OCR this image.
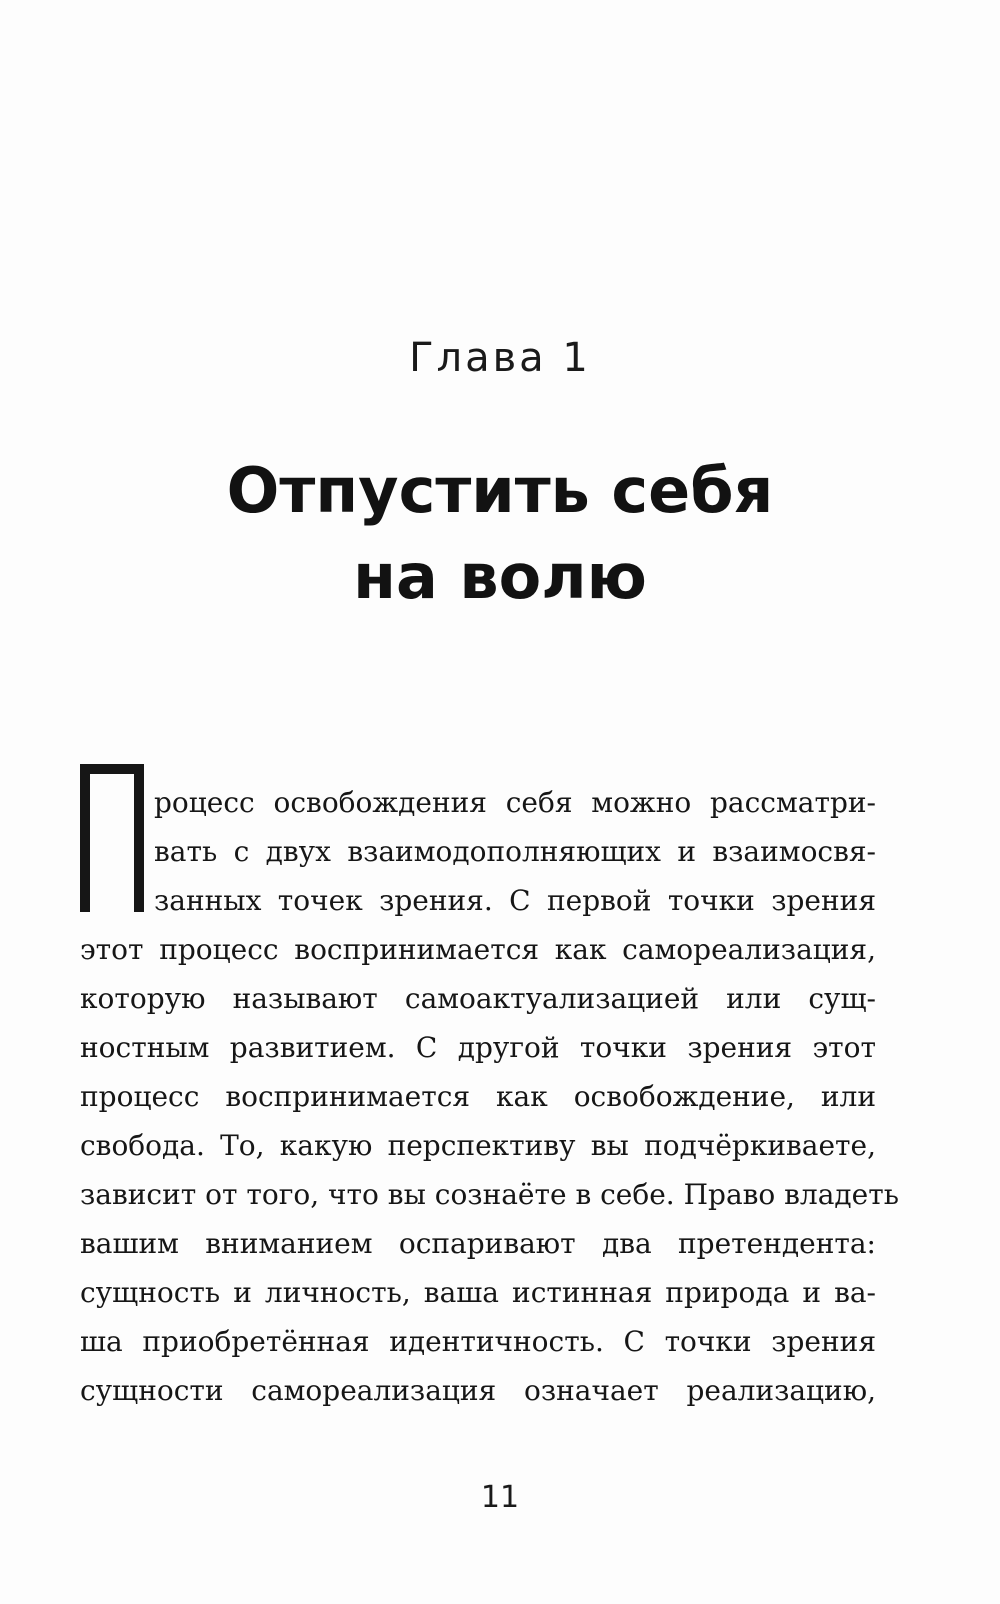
Глава 1
Отпустить себя
на волю
роцесс освобождения себя можно рассматри-
вать с двух взаимодополняющих и взаимосвя-
занных точек зрения. С первой точки зрения
этот процесс воспринимается как самореализация,
которую называют самоактуализацией или сущ-
ностным развитием. С другой точки зрения этот
процесс воспринимается как освобождение, или
свобода. То, какую перспективу вы подчёркиваете,
зависит от того, что вы сознаёте в себе. Право владеть
вашим вниманием оспаривают два претендента:
сущность и личность, ваша истинная природа и ва-
ша приобретённая идентичность. С точки зрения
сущности самореализация означает реализацию,
11
